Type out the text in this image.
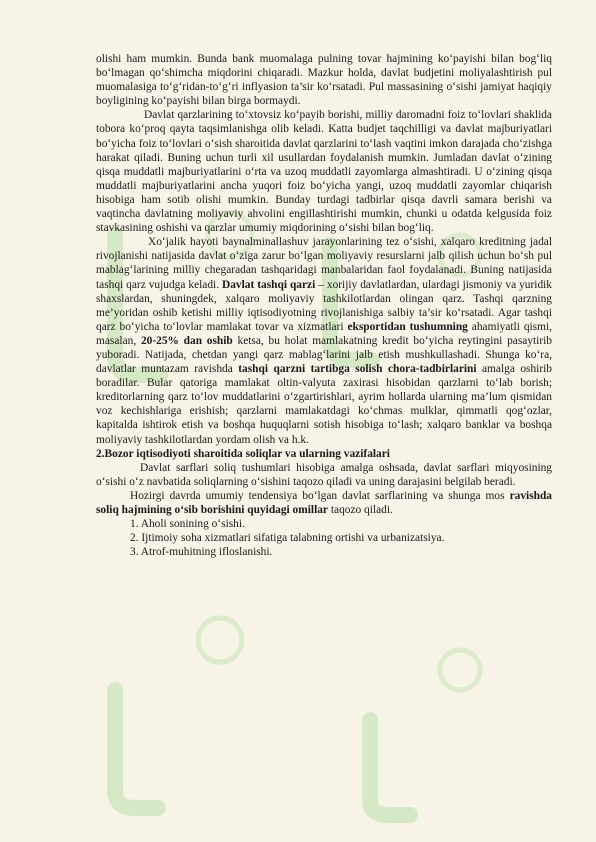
olishi ham mumkin. Bunda bank muomalaga pulning tovar hajmining ko‘payishi bilan bog‘liq bo‘lmagan qo‘shimcha miqdorini chiqaradi. Mazkur holda, davlat budjetini moliyalashtirish pul muomalasiga to‘g‘ridan-to‘g‘ri inflyasion ta’sir ko‘rsatadi. Pul massasining o‘sishi jamiyat haqiqiy boyligining ko‘payishi bilan birga bormaydi.

Davlat qarzlarining to‘xtovsiz ko‘payib borishi, milliy daromadni foiz to‘lovlari shaklida tobora ko‘proq qayta taqsimlanishga olib keladi. Katta budjet taqchilligi va davlat majburiyatlari bo‘yicha foiz to‘lovlari o‘sish sharoitida davlat qarzlarini to‘lash vaqtini imkon darajada cho‘zishga harakat qiladi. Buning uchun turli xil usullardan foydalanish mumkin. Jumladan davlat o‘zining qisqa muddatli majburiyatlarini o‘rta va uzoq muddatli zayomlarga almashtiradi. U o‘zining qisqa muddatli majburiyatlarini ancha yuqori foiz bo‘yicha yangi, uzoq muddatli zayomlar chiqarish hisobiga ham sotib olishi mumkin. Bunday turdagi tadbirlar qisqa davrli samara berishi va vaqtincha davlatning moliyaviy ahvolini engillashtirishi mumkin, chunki u odatda kelgusida foiz stavkasining oshishi va qarzlar umumiy miqdorining o‘sishi bilan bog‘liq.

Xo‘jalik hayoti baynalminallashuv jarayonlarining tez o‘sishi, xalqaro kreditning jadal rivojlanishi natijasida davlat o‘ziga zarur bo‘lgan moliyaviy resurslarni jalb qilish uchun bo‘sh pul mablag‘larining milliy chegaradan tashqaridagi manbalaridan faol foydalanadi. Buning natijasida tashqi qarz vujudga keladi. Davlat tashqi qarzi – xorijiy davlatlardan, ulardagi jismoniy va yuridik shaxslardan, shuningdek, xalqaro moliyaviy tashkilotlardan olingan qarz. Tashqi qarzning me’yoridan oshib ketishi milliy iqtisodiyotning rivojlanishiga salbiy ta’sir ko‘rsatadi. Agar tashqi qarz bo‘yicha to‘lovlar mamlakat tovar va xizmatlari eksportidan tushumning ahamiyatli qismi, masalan, 20-25% dan oshib ketsa, bu holat mamlakatning kredit bo‘yicha reytingini pasaytirib yuboradi. Natijada, chetdan yangi qarz mablag‘larini jalb etish mushkullashadi. Shunga ko‘ra, davlatlar muntazam ravishda tashqi qarzni tartibga solish chora-tadbirlarini amalga oshirib boradilar. Bular qatoriga mamlakat oltin-valyuta zaxirasi hisobidan qarzlarni to‘lab borish; kreditorlarning qarz to‘lov muddatlarini o‘zgartirishlari, ayrim hollarda ularning ma’lum qismidan voz kechishlariga erishish; qarzlarni mamlakatdagi ko‘chmas mulklar, qimmatli qog‘ozlar, kapitalda ishtirok etish va boshqa huquqlarni sotish hisobiga to‘lash; xalqaro banklar va boshqa moliyaviy tashkilotlardan yordam olish va h.k.

2.Bozor iqtisodiyoti sharoitida soliqlar va ularning vazifalari

Davlat sarflari soliq tushumlari hisobiga amalga oshsada, davlat sarflari miqyosining o‘sishi o‘z navbatida soliqlarning o‘sishini taqozo qiladi va uning darajasini belgilab beradi.

Hozirgi davrda umumiy tendensiya bo‘lgan davlat sarflarining va shunga mos ravishda soliq hajmining o‘sib borishini quyidagi omillar taqozo qiladi.

1. Aholi sonining o‘sishi.
2. Ijtimoiy soha xizmatlari sifatiga talabning ortishi va urbanizatsiya.
3. Atrof-muhitning ifloslanishi.
